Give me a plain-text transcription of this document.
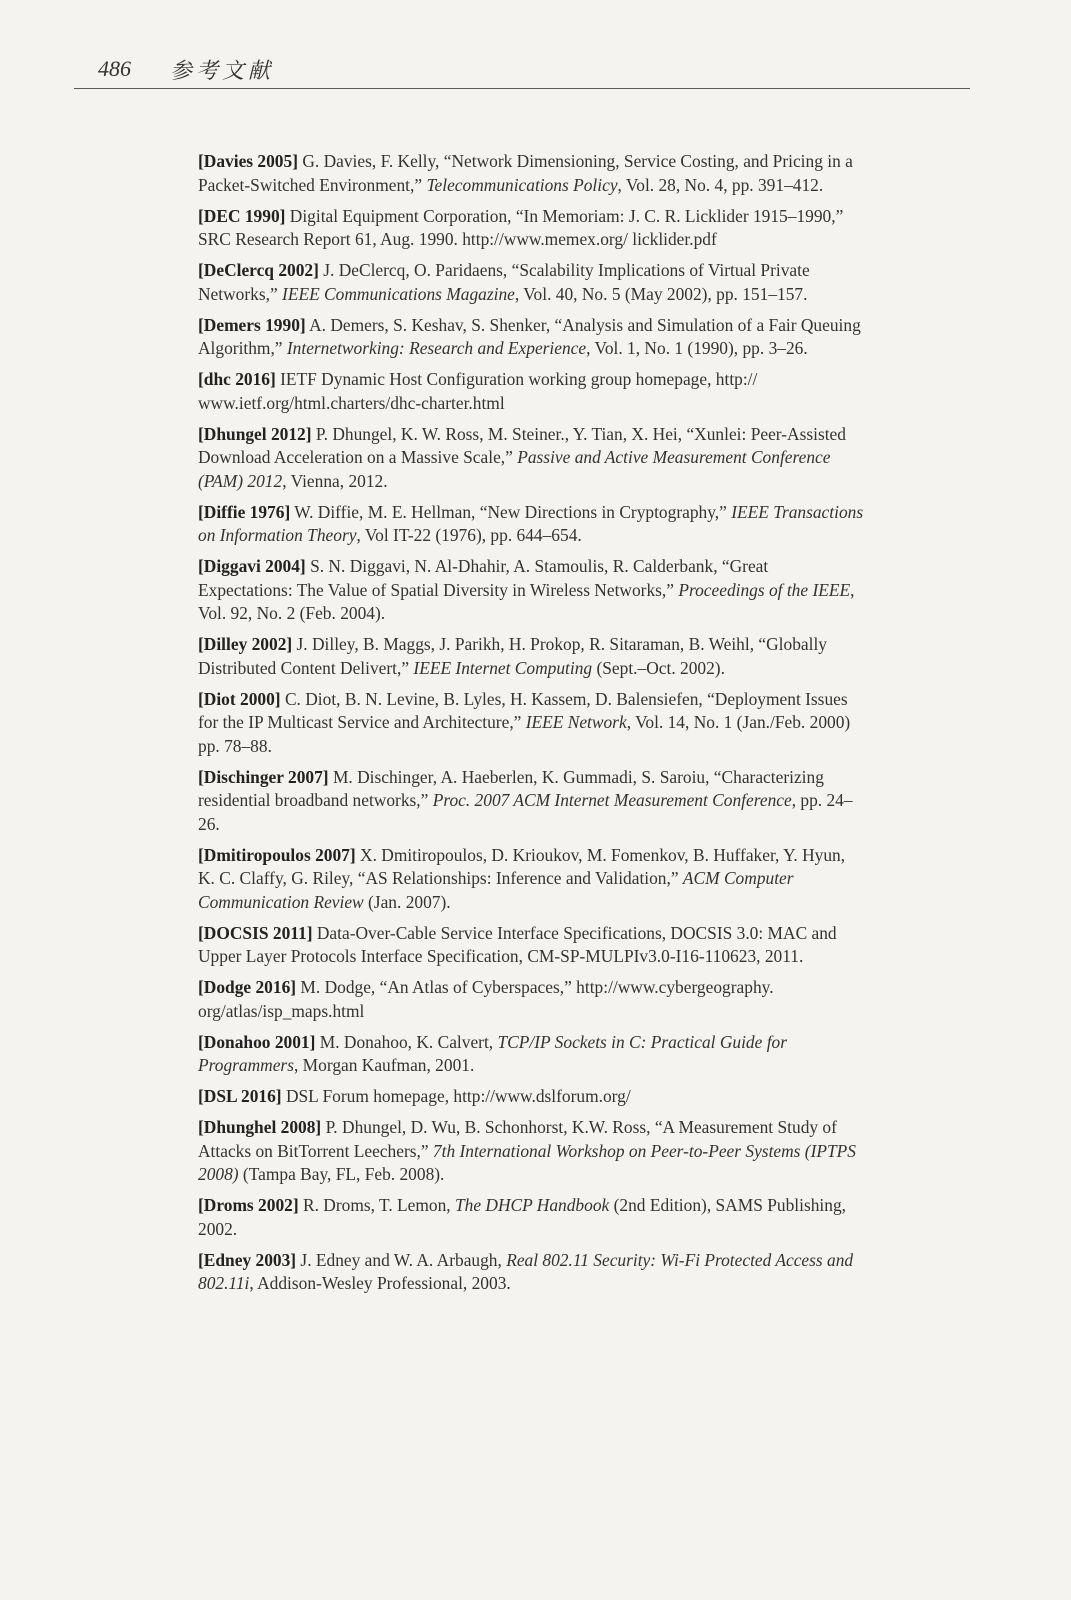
486 参考文献

[Davies 2005] G. Davies, F. Kelly, “Network Dimensioning, Service Costing, and Pricing in a Packet-Switched Environment,” Telecommunications Policy, Vol. 28, No. 4, pp. 391–412.

[DEC 1990] Digital Equipment Corporation, “In Memoriam: J. C. R. Licklider 1915–1990,” SRC Research Report 61, Aug. 1990. http://www.memex.org/ licklider.pdf

[DeClercq 2002] J. DeClercq, O. Paridaens, “Scalability Implications of Virtual Private Networks,” IEEE Communications Magazine, Vol. 40, No. 5 (May 2002), pp. 151–157.

[Demers 1990] A. Demers, S. Keshav, S. Shenker, “Analysis and Simulation of a Fair Queuing Algorithm,” Internetworking: Research and Experience, Vol. 1, No. 1 (1990), pp. 3–26.

[dhc 2016] IETF Dynamic Host Configuration working group homepage, http:// www.ietf.org/html.charters/dhc-charter.html

[Dhungel 2012] P. Dhungel, K. W. Ross, M. Steiner., Y. Tian, X. Hei, “Xunlei: Peer-Assisted Download Acceleration on a Massive Scale,” Passive and Active Measurement Conference (PAM) 2012, Vienna, 2012.

[Diffie 1976] W. Diffie, M. E. Hellman, “New Directions in Cryptography,” IEEE Transactions on Information Theory, Vol IT-22 (1976), pp. 644–654.

[Diggavi 2004] S. N. Diggavi, N. Al-Dhahir, A. Stamoulis, R. Calderbank, “Great Expectations: The Value of Spatial Diversity in Wireless Networks,” Proceedings of the IEEE, Vol. 92, No. 2 (Feb. 2004).

[Dilley 2002] J. Dilley, B. Maggs, J. Parikh, H. Prokop, R. Sitaraman, B. Weihl, “Globally Distributed Content Delivert,” IEEE Internet Computing (Sept.–Oct. 2002).

[Diot 2000] C. Diot, B. N. Levine, B. Lyles, H. Kassem, D. Balensiefen, “Deployment Issues for the IP Multicast Service and Architecture,” IEEE Network, Vol. 14, No. 1 (Jan./Feb. 2000) pp. 78–88.

[Dischinger 2007] M. Dischinger, A. Haeberlen, K. Gummadi, S. Saroiu, “Characterizing residential broadband networks,” Proc. 2007 ACM Internet Measurement Conference, pp. 24–26.

[Dmitiropoulos 2007] X. Dmitiropoulos, D. Krioukov, M. Fomenkov, B. Huffaker, Y. Hyun, K. C. Claffy, G. Riley, “AS Relationships: Inference and Validation,” ACM Computer Communication Review (Jan. 2007).

[DOCSIS 2011] Data-Over-Cable Service Interface Specifications, DOCSIS 3.0: MAC and Upper Layer Protocols Interface Specification, CM-SP-MULPIv3.0-I16-110623, 2011.

[Dodge 2016] M. Dodge, “An Atlas of Cyberspaces,” http://www.cybergeography. org/atlas/isp_maps.html

[Donahoo 2001] M. Donahoo, K. Calvert, TCP/IP Sockets in C: Practical Guide for Programmers, Morgan Kaufman, 2001.

[DSL 2016] DSL Forum homepage, http://www.dslforum.org/

[Dhunghel 2008] P. Dhungel, D. Wu, B. Schonhorst, K.W. Ross, “A Measurement Study of Attacks on BitTorrent Leechers,” 7th International Workshop on Peer-to-Peer Systems (IPTPS 2008) (Tampa Bay, FL, Feb. 2008).

[Droms 2002] R. Droms, T. Lemon, The DHCP Handbook (2nd Edition), SAMS Publishing, 2002.

[Edney 2003] J. Edney and W. A. Arbaugh, Real 802.11 Security: Wi-Fi Protected Access and 802.11i, Addison-Wesley Professional, 2003.
